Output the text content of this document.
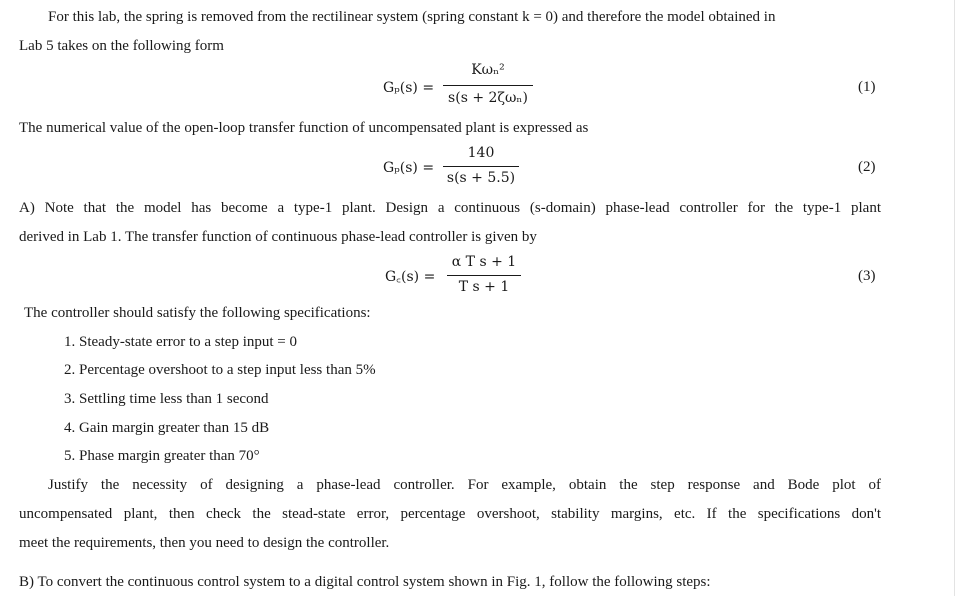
For this lab, the spring is removed from the rectilinear system (spring constant k = 0) and therefore the model obtained in
Lab 5 takes on the following form
Gₚ(s) =
Kωₙ²
s(s + 2ζωₙ)
(1)
The numerical value of the open-loop transfer function of uncompensated plant is expressed as
Gₚ(s) =
140
s(s + 5.5)
(2)
A) Note that the model has become a type-1 plant. Design a continuous (s-domain) phase-lead controller for the type-1 plant
derived in Lab 1. The transfer function of continuous phase-lead controller is given by
G꜀(s) =
α T s + 1
T s + 1
(3)
The controller should satisfy the following specifications:
1. Steady-state error to a step input = 0
2. Percentage overshoot to a step input less than 5%
3. Settling time less than 1 second
4. Gain margin greater than 15 dB
5. Phase margin greater than 70°
Justify the necessity of designing a phase-lead controller. For example, obtain the step response and Bode plot of
uncompensated plant, then check the stead-state error, percentage overshoot, stability margins, etc. If the specifications don't
meet the requirements, then you need to design the controller.
B) To convert the continuous control system to a digital control system shown in Fig. 1, follow the following steps:
